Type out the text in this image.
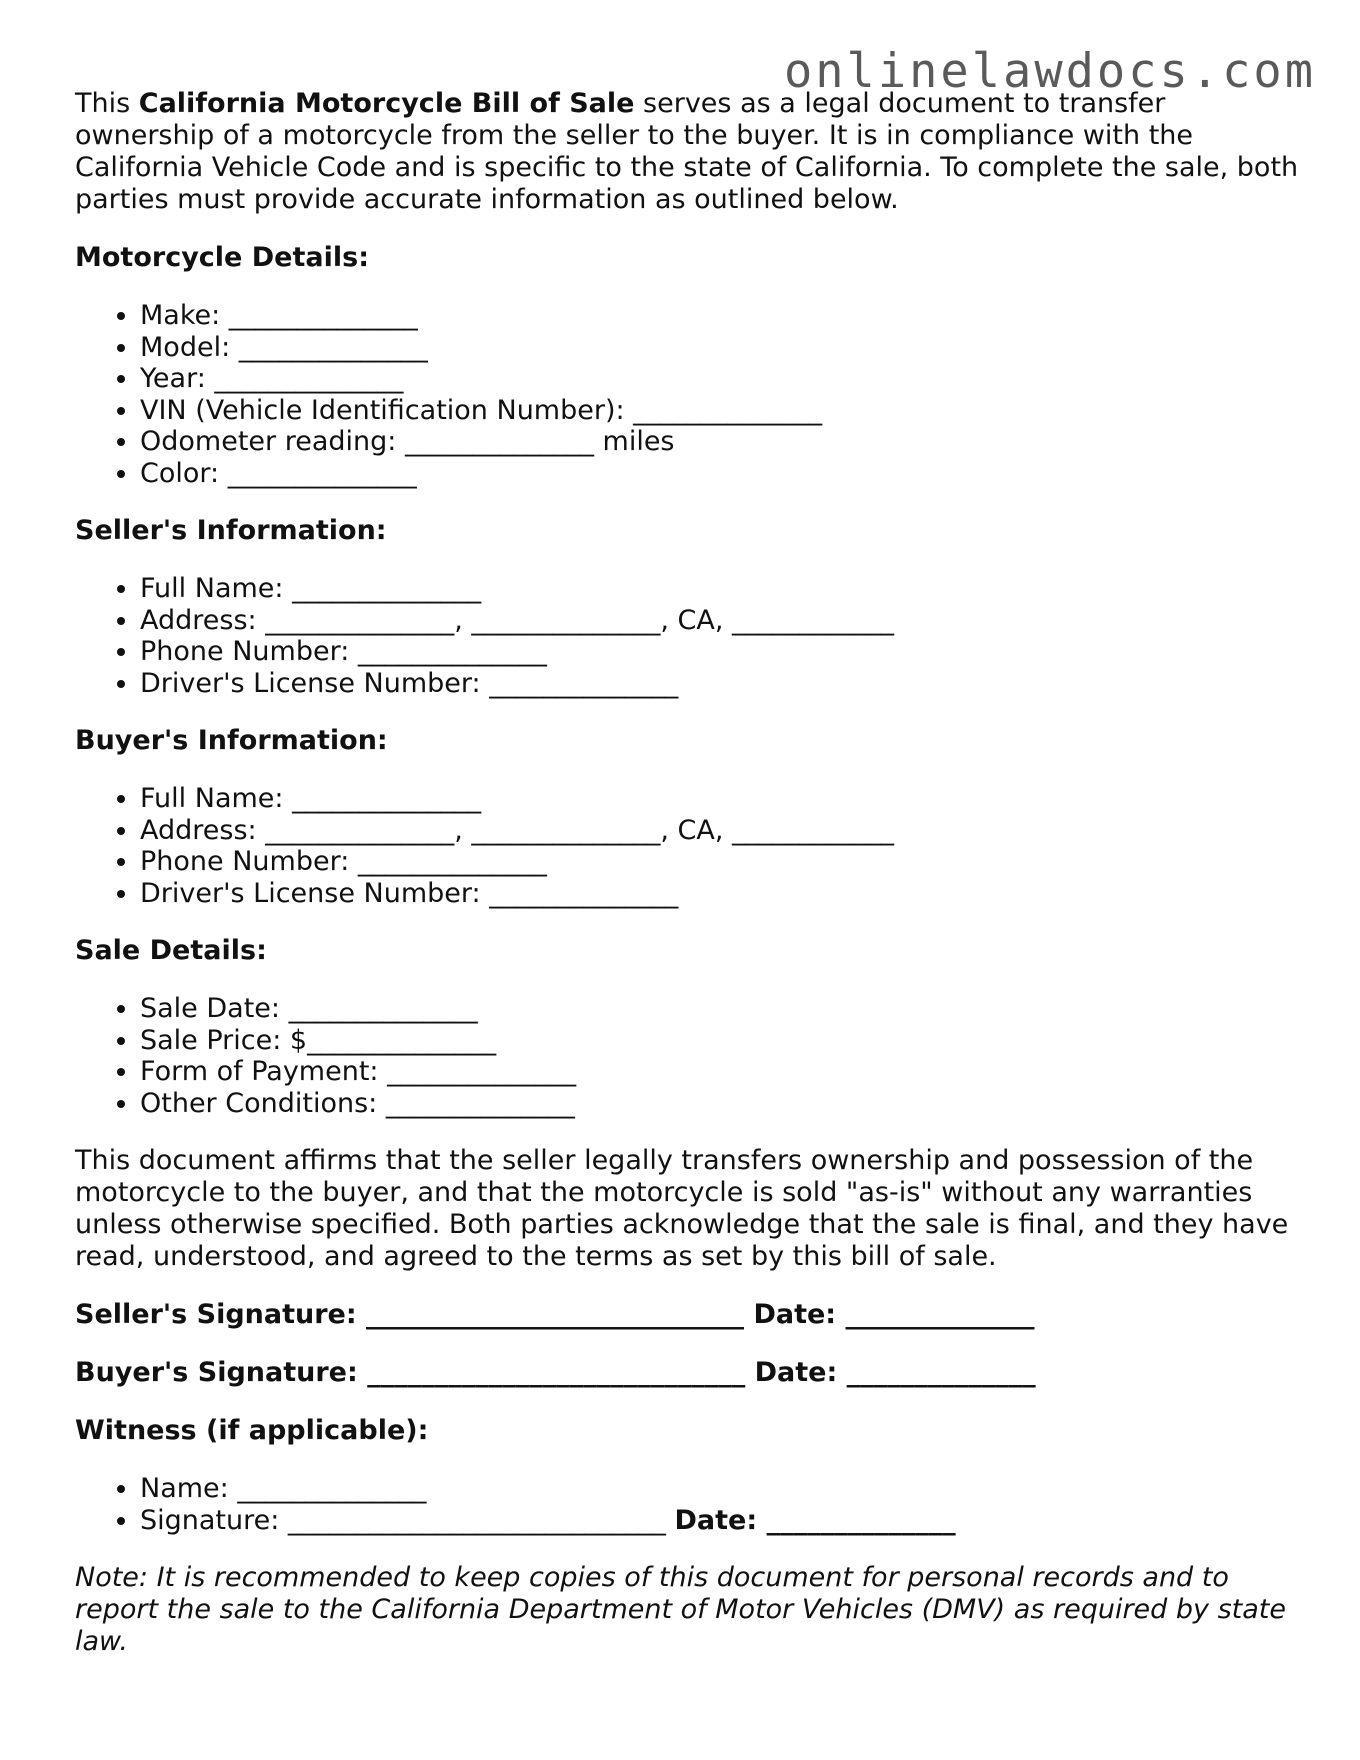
onlinelawdocs.com

This California Motorcycle Bill of Sale serves as a legal document to transfer ownership of a motorcycle from the seller to the buyer. It is in compliance with the California Vehicle Code and is specific to the state of California. To complete the sale, both parties must provide accurate information as outlined below.

Motorcycle Details:
• Make: ______________
• Model: ______________
• Year: ______________
• VIN (Vehicle Identification Number): ______________
• Odometer reading: ______________ miles
• Color: ______________
Seller's Information:
• Full Name: ______________
• Address: ______________, ______________, CA, ____________
• Phone Number: ______________
• Driver's License Number: ______________
Buyer's Information:
• Full Name: ______________
• Address: ______________, ______________, CA, ____________
• Phone Number: ______________
• Driver's License Number: ______________
Sale Details:
• Sale Date: ______________
• Sale Price: $______________
• Form of Payment: ______________
• Other Conditions: ______________

This document affirms that the seller legally transfers ownership and possession of the motorcycle to the buyer, and that the motorcycle is sold "as-is" without any warranties unless otherwise specified. Both parties acknowledge that the sale is final, and they have read, understood, and agreed to the terms as set by this bill of sale.

Seller's Signature: ____________________________ Date: ______________

Buyer's Signature: ____________________________ Date: ______________

Witness (if applicable):
• Name: ______________
• Signature: ____________________________ Date: ______________

Note: It is recommended to keep copies of this document for personal records and to report the sale to the California Department of Motor Vehicles (DMV) as required by state law.
